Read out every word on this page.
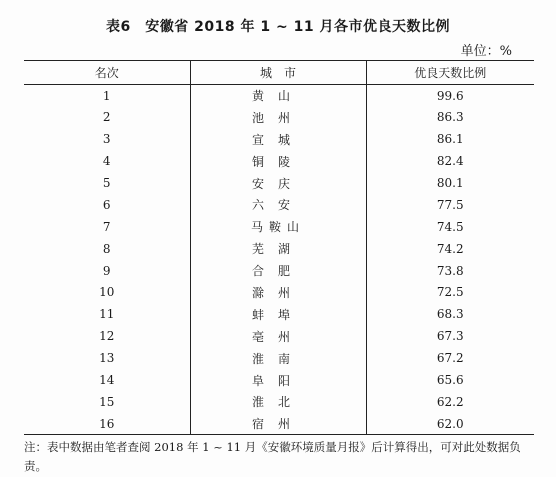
表6　安徽省 2018 年 1 ~ 11 月各市优良天数比例
单位：%
名次	城　市	优良天数比例
1	黄山	99.6
2	池州	86.3
3	宣城	86.1
4	铜陵	82.4
5	安庆	80.1
6	六安	77.5
7	马鞍山	74.5
8	芜湖	74.2
9	合肥	73.8
10	滁州	72.5
11	蚌埠	68.3
12	亳州	67.3
13	淮南	67.2
14	阜阳	65.6
15	淮北	62.2
16	宿州	62.0
注：表中数据由笔者查阅 2018 年 1 ~ 11 月《安徽环境质量月报》后计算得出，可对此处数据负责。
